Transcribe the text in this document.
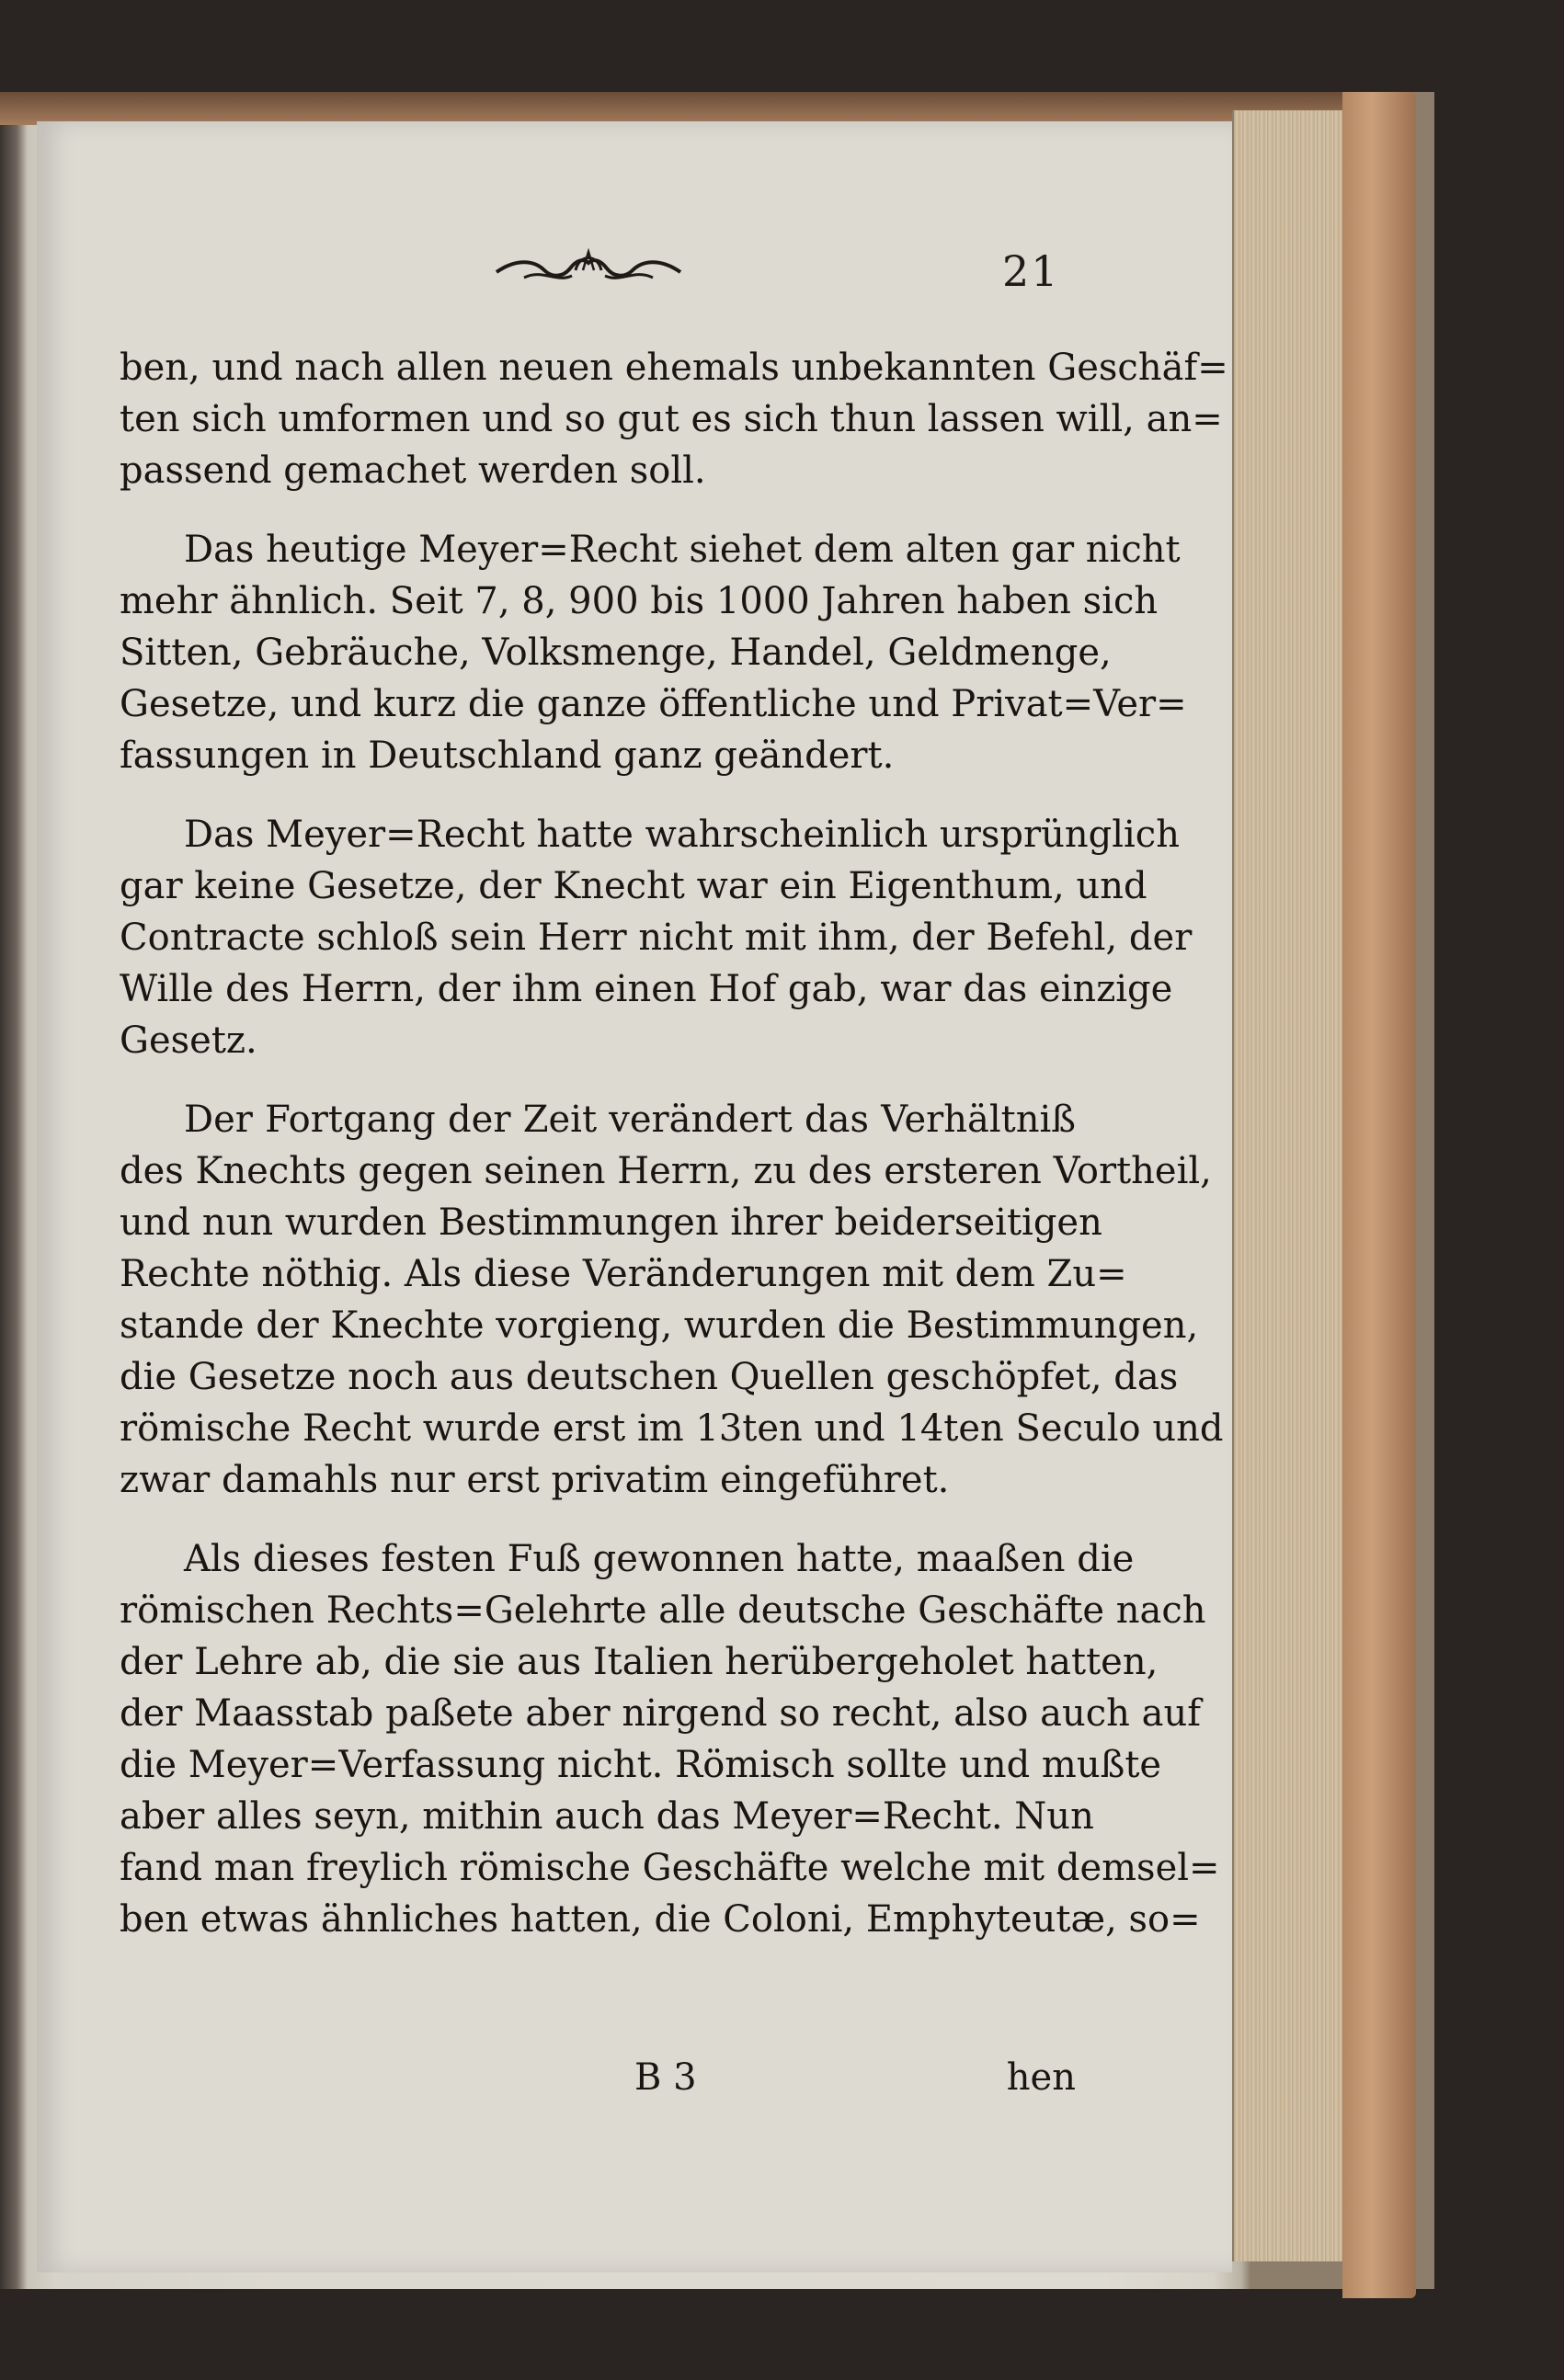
21
ben, und nach allen neuen ehemals unbekannten Geschäf=
ten sich umformen und so gut es sich thun lassen will, an=
passend gemachet werden soll.
Das heutige Meyer=Recht siehet dem alten gar nicht
mehr ähnlich. Seit 7, 8, 900 bis 1000 Jahren haben sich
Sitten, Gebräuche, Volksmenge, Handel, Geldmenge,
Gesetze, und kurz die ganze öffentliche und Privat=Ver=
fassungen in Deutschland ganz geändert.
Das Meyer=Recht hatte wahrscheinlich ursprünglich
gar keine Gesetze, der Knecht war ein Eigenthum, und
Contracte schloß sein Herr nicht mit ihm, der Befehl, der
Wille des Herrn, der ihm einen Hof gab, war das einzige
Gesetz.
Der Fortgang der Zeit verändert das Verhältniß
des Knechts gegen seinen Herrn, zu des ersteren Vortheil,
und nun wurden Bestimmungen ihrer beiderseitigen
Rechte nöthig. Als diese Veränderungen mit dem Zu=
stande der Knechte vorgieng, wurden die Bestimmungen,
die Gesetze noch aus deutschen Quellen geschöpfet, das
römische Recht wurde erst im 13ten und 14ten Seculo und
zwar damahls nur erst privatim eingeführet.
Als dieses festen Fuß gewonnen hatte, maaßen die
römischen Rechts=Gelehrte alle deutsche Geschäfte nach
der Lehre ab, die sie aus Italien herübergeholet hatten,
der Maasstab paßete aber nirgend so recht, also auch auf
die Meyer=Verfassung nicht. Römisch sollte und mußte
aber alles seyn, mithin auch das Meyer=Recht. Nun
fand man freylich römische Geschäfte welche mit demsel=
ben etwas ähnliches hatten, die Coloni, Emphyteutæ, so=
B 3	hen
